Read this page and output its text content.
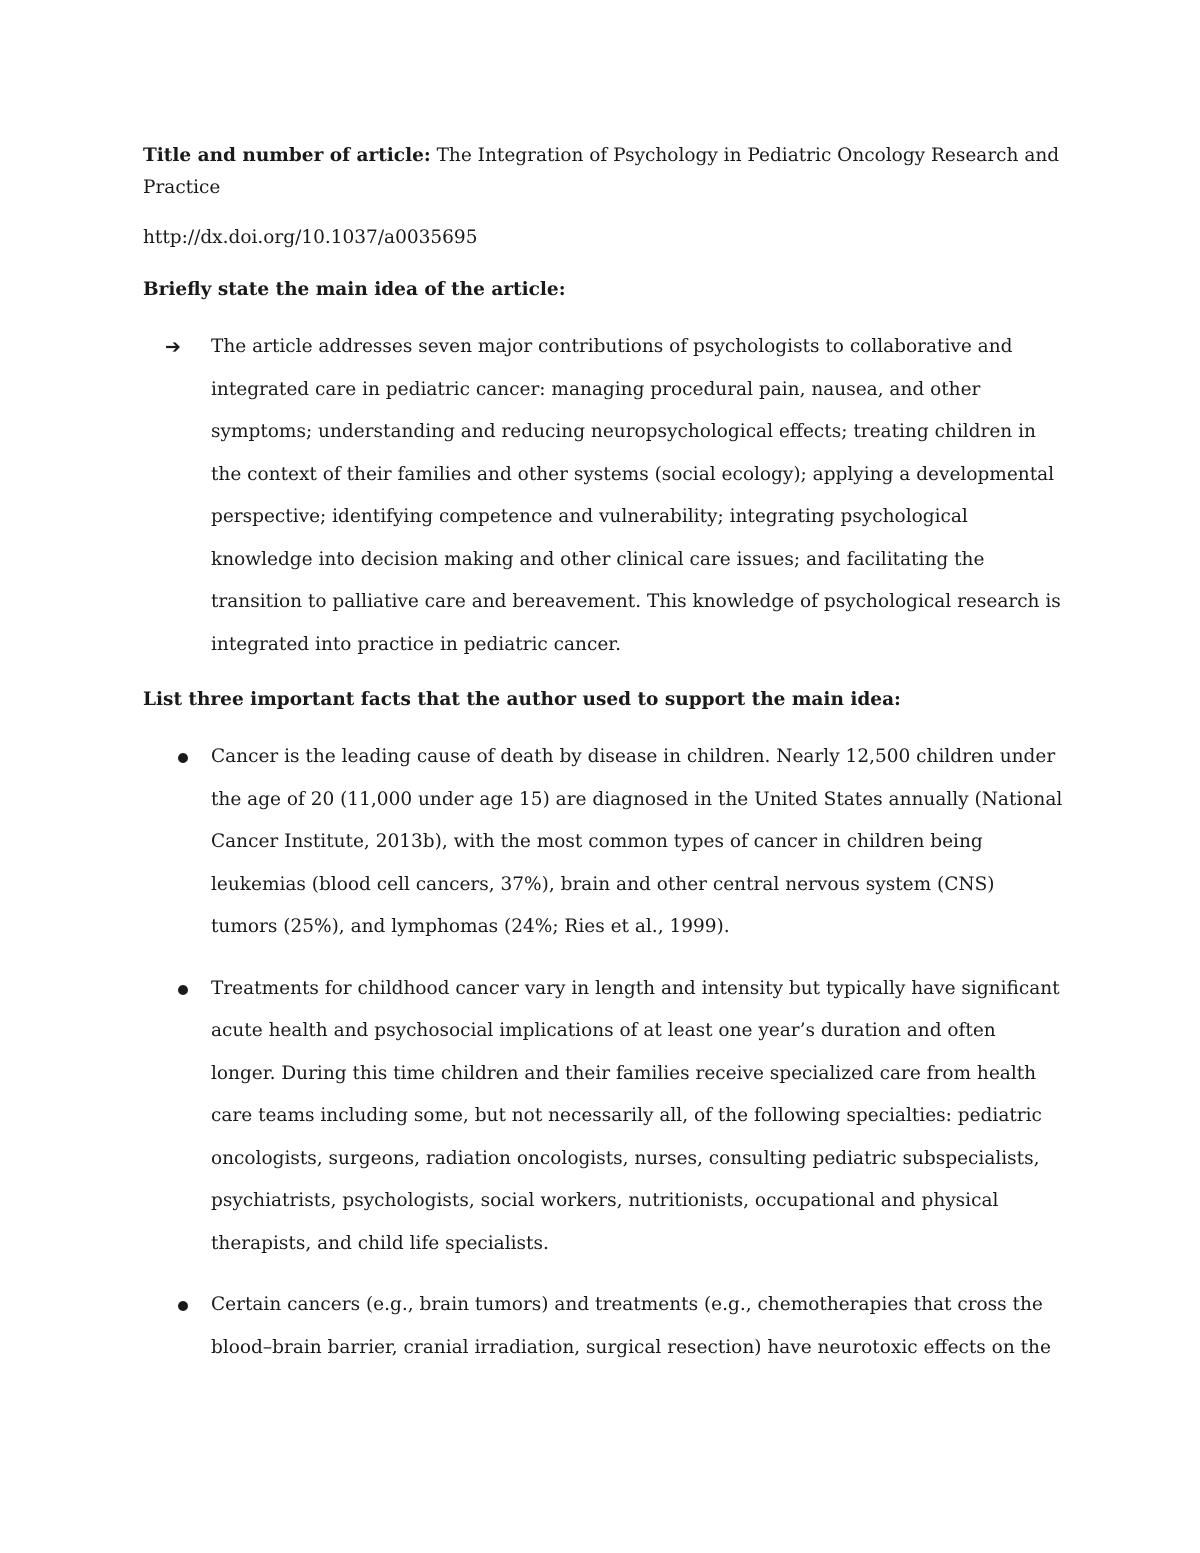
Title and number of article: The Integration of Psychology in Pediatric Oncology Research and Practice

http://dx.doi.org/10.1037/a0035695

Briefly state the main idea of the article:

➔	The article addresses seven major contributions of psychologists to collaborative and integrated care in pediatric cancer: managing procedural pain, nausea, and other symptoms; understanding and reducing neuropsychological effects; treating children in the context of their families and other systems (social ecology); applying a developmental perspective; identifying competence and vulnerability; integrating psychological knowledge into decision making and other clinical care issues; and facilitating the transition to palliative care and bereavement. This knowledge of psychological research is integrated into practice in pediatric cancer.

List three important facts that the author used to support the main idea:

Cancer is the leading cause of death by disease in children. Nearly 12,500 children under the age of 20 (11,000 under age 15) are diagnosed in the United States annually (National Cancer Institute, 2013b), with the most common types of cancer in children being leukemias (blood cell cancers, 37%), brain and other central nervous system (CNS) tumors (25%), and lymphomas (24%; Ries et al., 1999).
Treatments for childhood cancer vary in length and intensity but typically have significant acute health and psychosocial implications of at least one year’s duration and often longer. During this time children and their families receive specialized care from health care teams including some, but not necessarily all, of the following specialties: pediatric oncologists, surgeons, radiation oncologists, nurses, consulting pediatric subspecialists, psychiatrists, psychologists, social workers, nutritionists, occupational and physical therapists, and child life specialists.
Certain cancers (e.g., brain tumors) and treatments (e.g., chemotherapies that cross the blood–brain barrier, cranial irradiation, surgical resection) have neurotoxic effects on the
